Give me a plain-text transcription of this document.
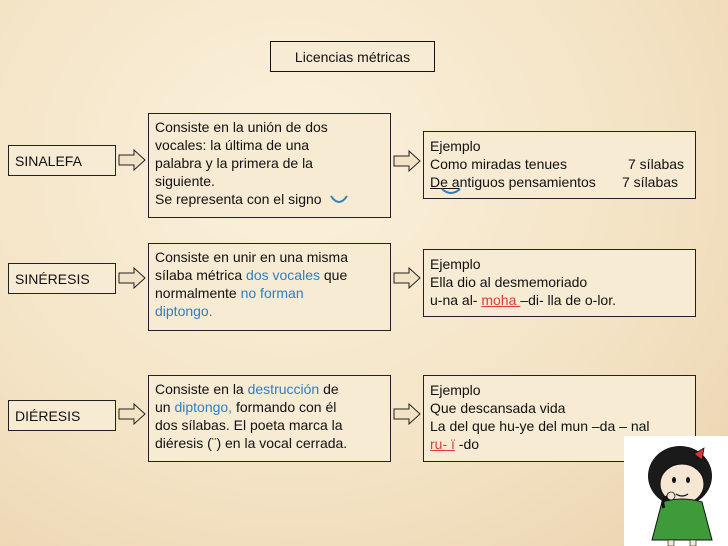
Licencias métricas
SINALEFA
Consiste en la unión de dos
vocales: la última de una
palabra y la primera de la
siguiente.
Se representa con el signo
Ejemplo
Como miradas tenues	7 sílabas
De antiguos pensamientos 7 sílabas
SINÉRESIS
Consiste en unir en una misma
sílaba métrica dos vocales que
normalmente no forman
diptongo.
Ejemplo
Ella dio al desmemoriado
u-na al- moha –di- lla de o-lor.
DIÉRESIS
Consiste en la destrucción de
un diptongo, formando con él
dos sílabas. El poeta marca la
diéresis (¨) en la vocal cerrada.
Ejemplo
Que descansada vida
La del que hu-ye del mun –da – nal
ru- ï -do
